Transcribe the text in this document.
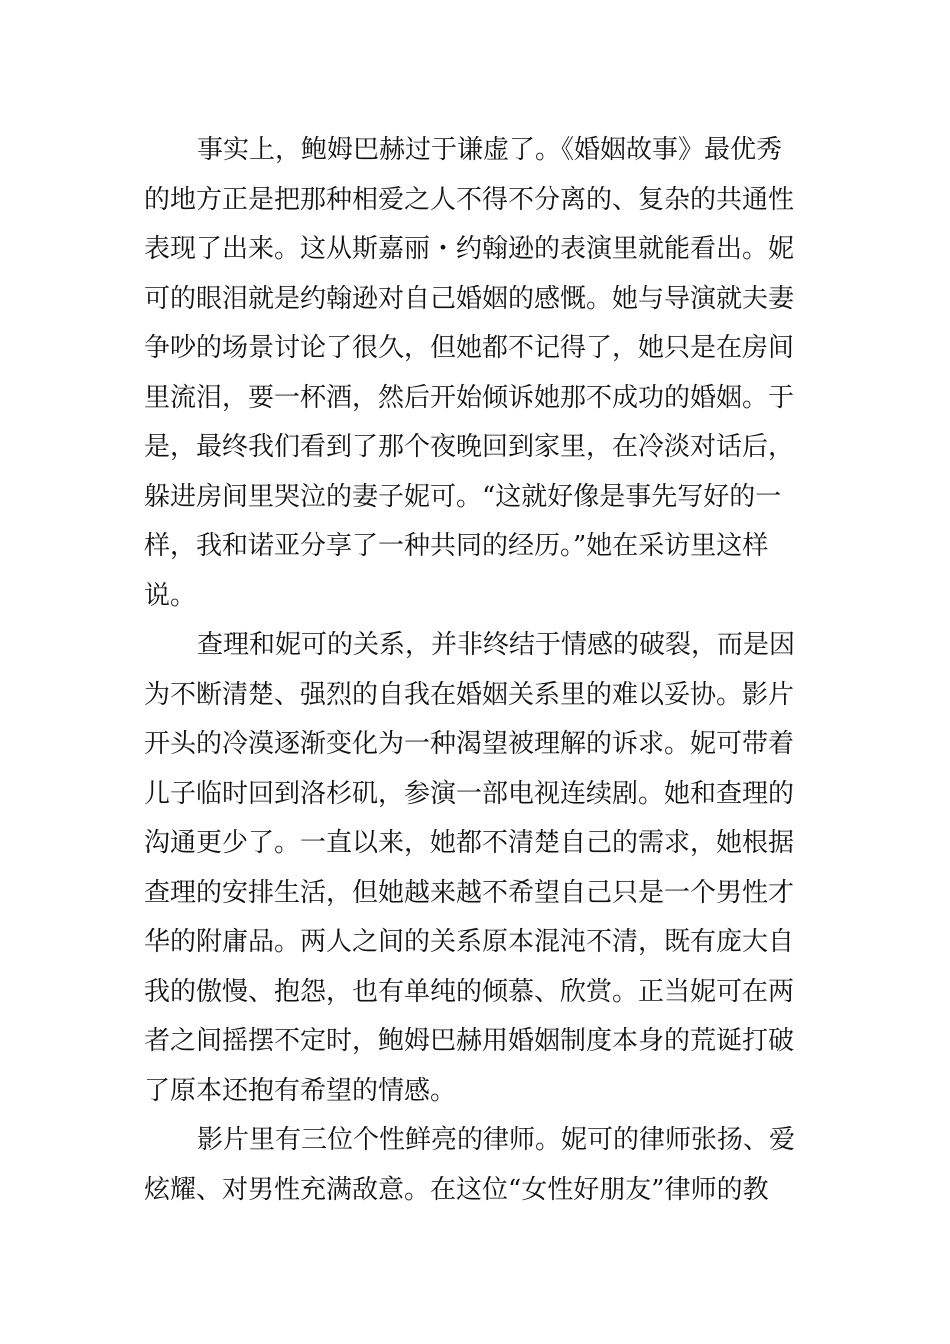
事实上，鲍姆巴赫过于谦虚了。《婚姻故事》最优秀
的地方正是把那种相爱之人不得不分离的、复杂的共通性
表现了出来。这从斯嘉丽・约翰逊的表演里就能看出。妮
可的眼泪就是约翰逊对自己婚姻的感慨。她与导演就夫妻
争吵的场景讨论了很久，但她都不记得了，她只是在房间
里流泪，要一杯酒，然后开始倾诉她那不成功的婚姻。于
是，最终我们看到了那个夜晚回到家里，在冷淡对话后，
躲进房间里哭泣的妻子妮可。“这就好像是事先写好的一
样，我和诺亚分享了一种共同的经历。”她在采访里这样
说。
查理和妮可的关系，并非终结于情感的破裂，而是因
为不断清楚、强烈的自我在婚姻关系里的难以妥协。影片
开头的冷漠逐渐变化为一种渴望被理解的诉求。妮可带着
儿子临时回到洛杉矶，参演一部电视连续剧。她和查理的
沟通更少了。一直以来，她都不清楚自己的需求，她根据
查理的安排生活，但她越来越不希望自己只是一个男性才
华的附庸品。两人之间的关系原本混沌不清，既有庞大自
我的傲慢、抱怨，也有单纯的倾慕、欣赏。正当妮可在两
者之间摇摆不定时，鲍姆巴赫用婚姻制度本身的荒诞打破
了原本还抱有希望的情感。
影片里有三位个性鲜亮的律师。妮可的律师张扬、爱
炫耀、对男性充满敌意。在这位“女性好朋友”律师的教
